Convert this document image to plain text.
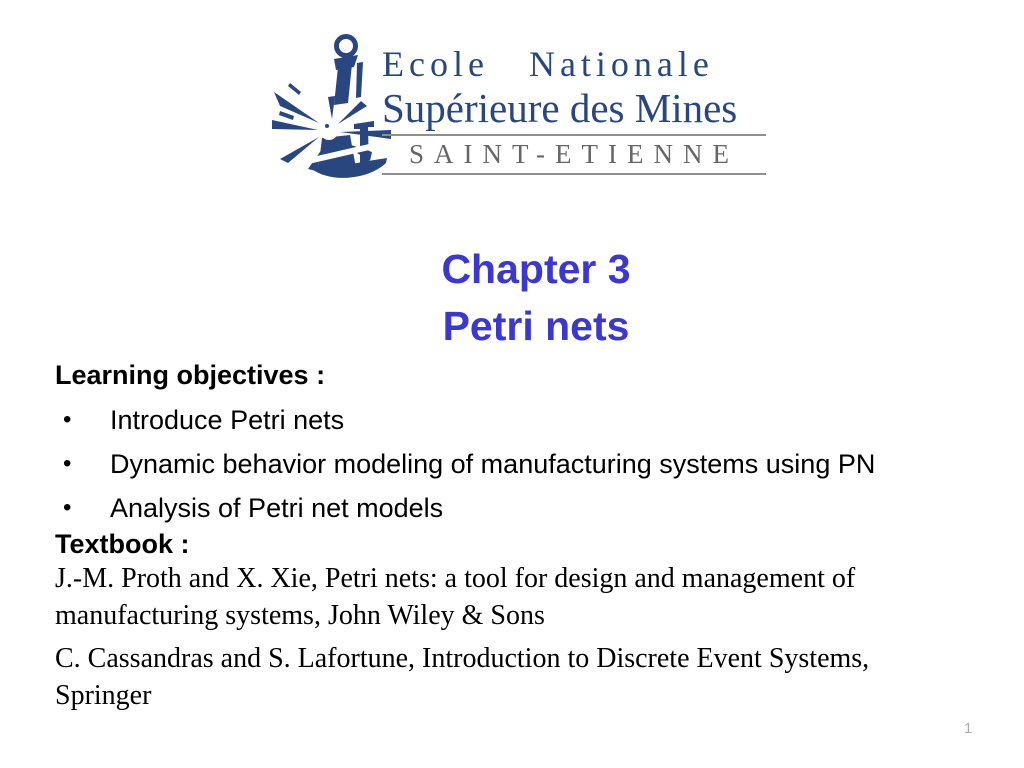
Ecole Nationale
Supérieure des Mines
SAINT-ETIENNE
Chapter 3
Petri nets
Learning objectives :
• Introduce Petri nets
• Dynamic behavior modeling of manufacturing systems using PN
• Analysis of Petri net models
Textbook :
J.-M. Proth and X. Xie, Petri nets: a tool for design and management of manufacturing systems, John Wiley & Sons
C. Cassandras and S. Lafortune, Introduction to Discrete Event Systems, Springer
1
